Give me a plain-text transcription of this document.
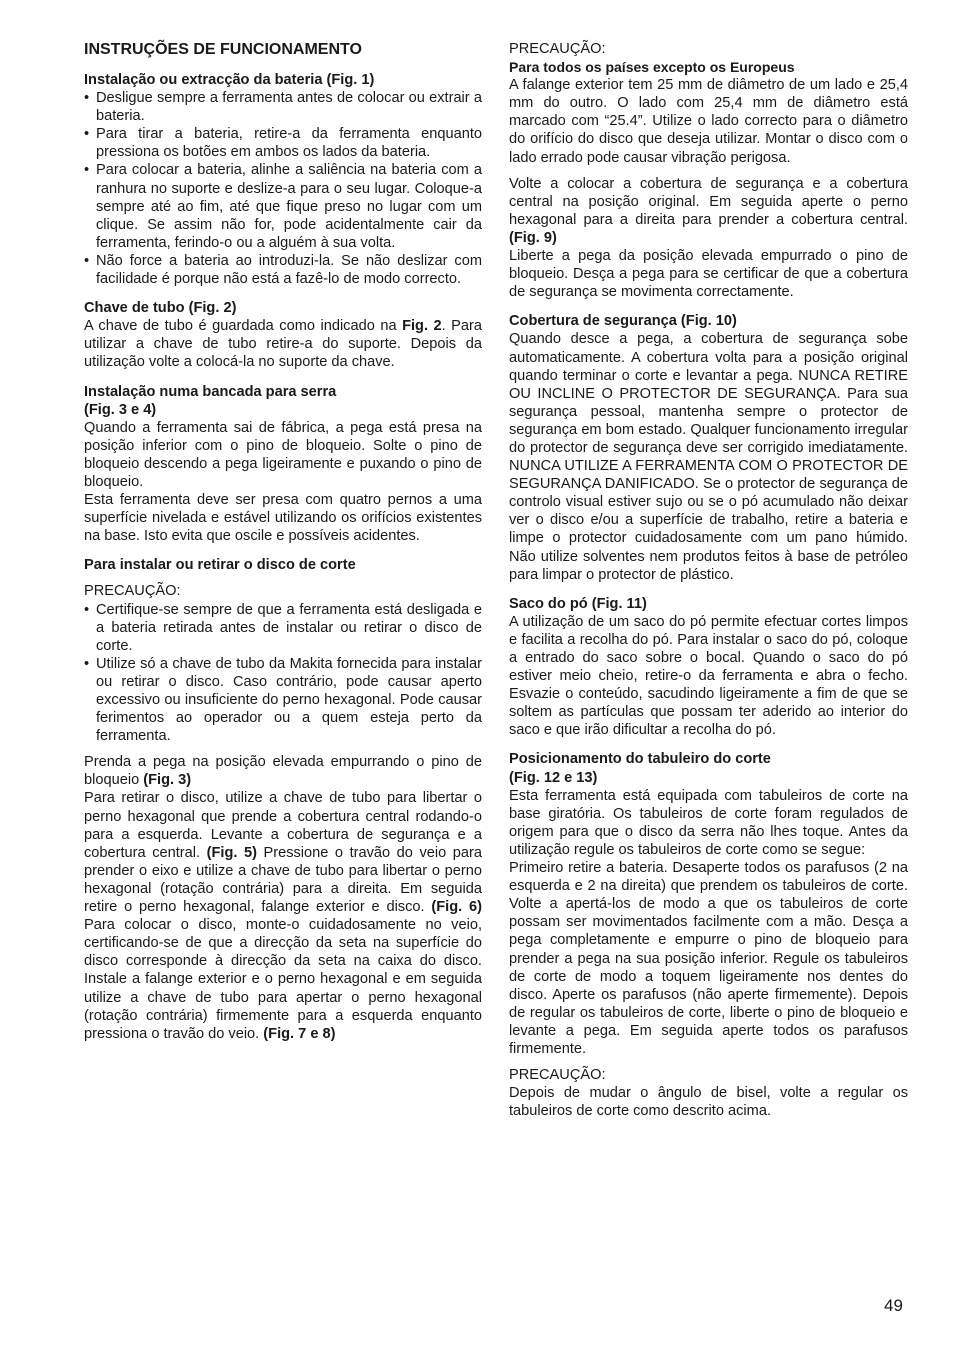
INSTRUÇÕES DE FUNCIONAMENTO
Instalação ou extracção da bateria (Fig. 1)
• Desligue sempre a ferramenta antes de colocar ou extrair a bateria.
• Para tirar a bateria, retire-a da ferramenta enquanto pressiona os botões em ambos os lados da bateria.
• Para colocar a bateria, alinhe a saliência na bateria com a ranhura no suporte e deslize-a para o seu lugar. Coloque-a sempre até ao fim, até que fique preso no lugar com um clique. Se assim não for, pode acidentalmente cair da ferramenta, ferindo-o ou a alguém à sua volta.
• Não force a bateria ao introduzi-la. Se não deslizar com facilidade é porque não está a fazê-lo de modo correcto.
Chave de tubo (Fig. 2)

A chave de tubo é guardada como indicado na Fig. 2. Para utilizar a chave de tubo retire-a do suporte. Depois da utilização volte a colocá-la no suporte da chave.

Instalação numa bancada para serra
(Fig. 3 e 4)

Quando a ferramenta sai de fábrica, a pega está presa na posição inferior com o pino de bloqueio. Solte o pino de bloqueio descendo a pega ligeiramente e puxando o pino de bloqueio.

Esta ferramenta deve ser presa com quatro pernos a uma superfície nivelada e estável utilizando os orifícios existentes na base. Isto evita que oscile e possíveis acidentes.

Para instalar ou retirar o disco de corte
PRECAUÇÃO:
• Certifique-se sempre de que a ferramenta está desligada e a bateria retirada antes de instalar ou retirar o disco de corte.
• Utilize só a chave de tubo da Makita fornecida para instalar ou retirar o disco. Caso contrário, pode causar aperto excessivo ou insuficiente do perno hexagonal. Pode causar ferimentos ao operador ou a quem esteja perto da ferramenta.

Prenda a pega na posição elevada empurrando o pino de bloqueio (Fig. 3)

Para retirar o disco, utilize a chave de tubo para libertar o perno hexagonal que prende a cobertura central rodando-o para a esquerda. Levante a cobertura de segurança e a cobertura central. (Fig. 5) Pressione o travão do veio para prender o eixo e utilize a chave de tubo para libertar o perno hexagonal (rotação contrária) para a direita. Em seguida retire o perno hexagonal, falange exterior e disco. (Fig. 6) Para colocar o disco, monte-o cuidadosamente no veio, certificando-se de que a direcção da seta na superfície do disco corresponde à direcção da seta na caixa do disco. Instale a falange exterior e o perno hexagonal e em seguida utilize a chave de tubo para apertar o perno hexagonal (rotação contrária) firmemente para a esquerda enquanto pressiona o travão do veio. (Fig. 7 e 8)

PRECAUÇÃO:
Para todos os países excepto os Europeus

A falange exterior tem 25 mm de diâmetro de um lado e 25,4 mm do outro. O lado com 25,4 mm de diâmetro está marcado com “25.4”. Utilize o lado correcto para o diâmetro do orifício do disco que deseja utilizar. Montar o disco com o lado errado pode causar vibração perigosa.

Volte a colocar a cobertura de segurança e a cobertura central na posição original. Em seguida aperte o perno hexagonal para a direita para prender a cobertura central. (Fig. 9)

Liberte a pega da posição elevada empurrado o pino de bloqueio. Desça a pega para se certificar de que a cobertura de segurança se movimenta correctamente.

Cobertura de segurança (Fig. 10)

Quando desce a pega, a cobertura de segurança sobe automaticamente. A cobertura volta para a posição original quando terminar o corte e levantar a pega. NUNCA RETIRE OU INCLINE O PROTECTOR DE SEGURANÇA. Para sua segurança pessoal, mantenha sempre o protector de segurança em bom estado. Qualquer funcionamento irregular do protector de segurança deve ser corrigido imediatamente. NUNCA UTILIZE A FERRAMENTA COM O PROTECTOR DE SEGURANÇA DANIFICADO. Se o protector de segurança de controlo visual estiver sujo ou se o pó acumulado não deixar ver o disco e/ou a superfície de trabalho, retire a bateria e limpe o protector cuidadosamente com um pano húmido. Não utilize solventes nem produtos feitos à base de petróleo para limpar o protector de plástico.

Saco do pó (Fig. 11)

A utilização de um saco do pó permite efectuar cortes limpos e facilita a recolha do pó. Para instalar o saco do pó, coloque a entrado do saco sobre o bocal. Quando o saco do pó estiver meio cheio, retire-o da ferramenta e abra o fecho. Esvazie o conteúdo, sacudindo ligeiramente a fim de que se soltem as partículas que possam ter aderido ao interior do saco e que irão dificultar a recolha do pó.

Posicionamento do tabuleiro do corte
(Fig. 12 e 13)

Esta ferramenta está equipada com tabuleiros de corte na base giratória. Os tabuleiros de corte foram regulados de origem para que o disco da serra não lhes toque. Antes da utilização regule os tabuleiros de corte como se segue:

Primeiro retire a bateria. Desaperte todos os parafusos (2 na esquerda e 2 na direita) que prendem os tabuleiros de corte. Volte a apertá-los de modo a que os tabuleiros de corte possam ser movimentados facilmente com a mão. Desça a pega completamente e empurre o pino de bloqueio para prender a pega na sua posição inferior. Regule os tabuleiros de corte de modo a toquem ligeiramente nos dentes do disco. Aperte os parafusos (não aperte firmemente). Depois de regular os tabuleiros de corte, liberte o pino de bloqueio e levante a pega. Em seguida aperte todos os parafusos firmemente.

PRECAUÇÃO:

Depois de mudar o ângulo de bisel, volte a regular os tabuleiros de corte como descrito acima.

49
